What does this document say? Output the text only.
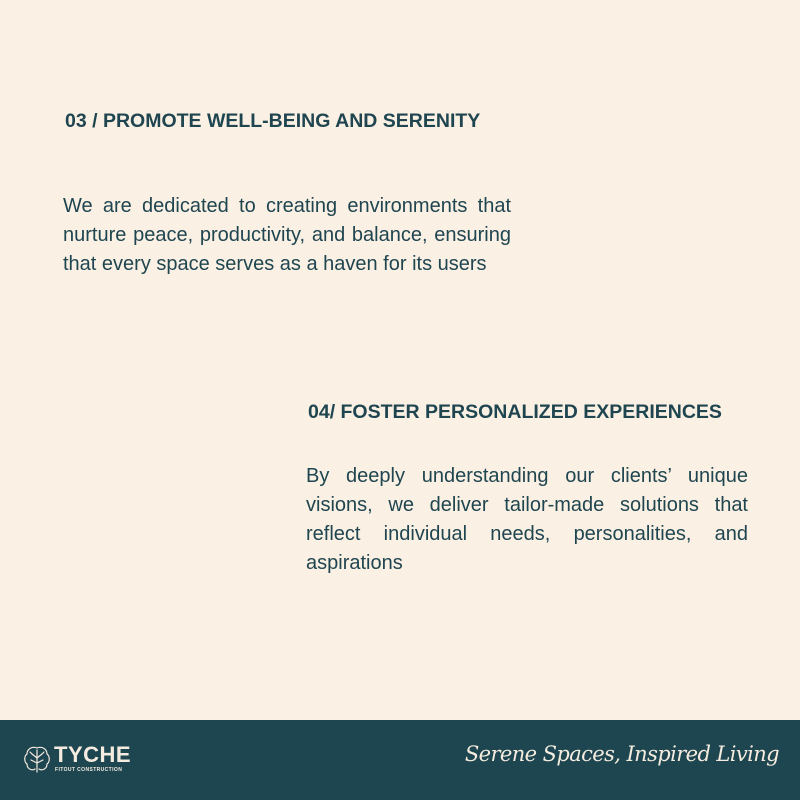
03 / PROMOTE WELL-BEING AND SERENITY

We are dedicated to creating environments that nurture peace, productivity, and balance, ensuring that every space serves as a haven for its users

04/ FOSTER PERSONALIZED EXPERIENCES

By deeply understanding our clients’ unique visions, we deliver tailor-made solutions that reflect individual needs, personalities, and aspirations

TYCHE
FITOUT CONSTRUCTION
Serene Spaces, Inspired Living
